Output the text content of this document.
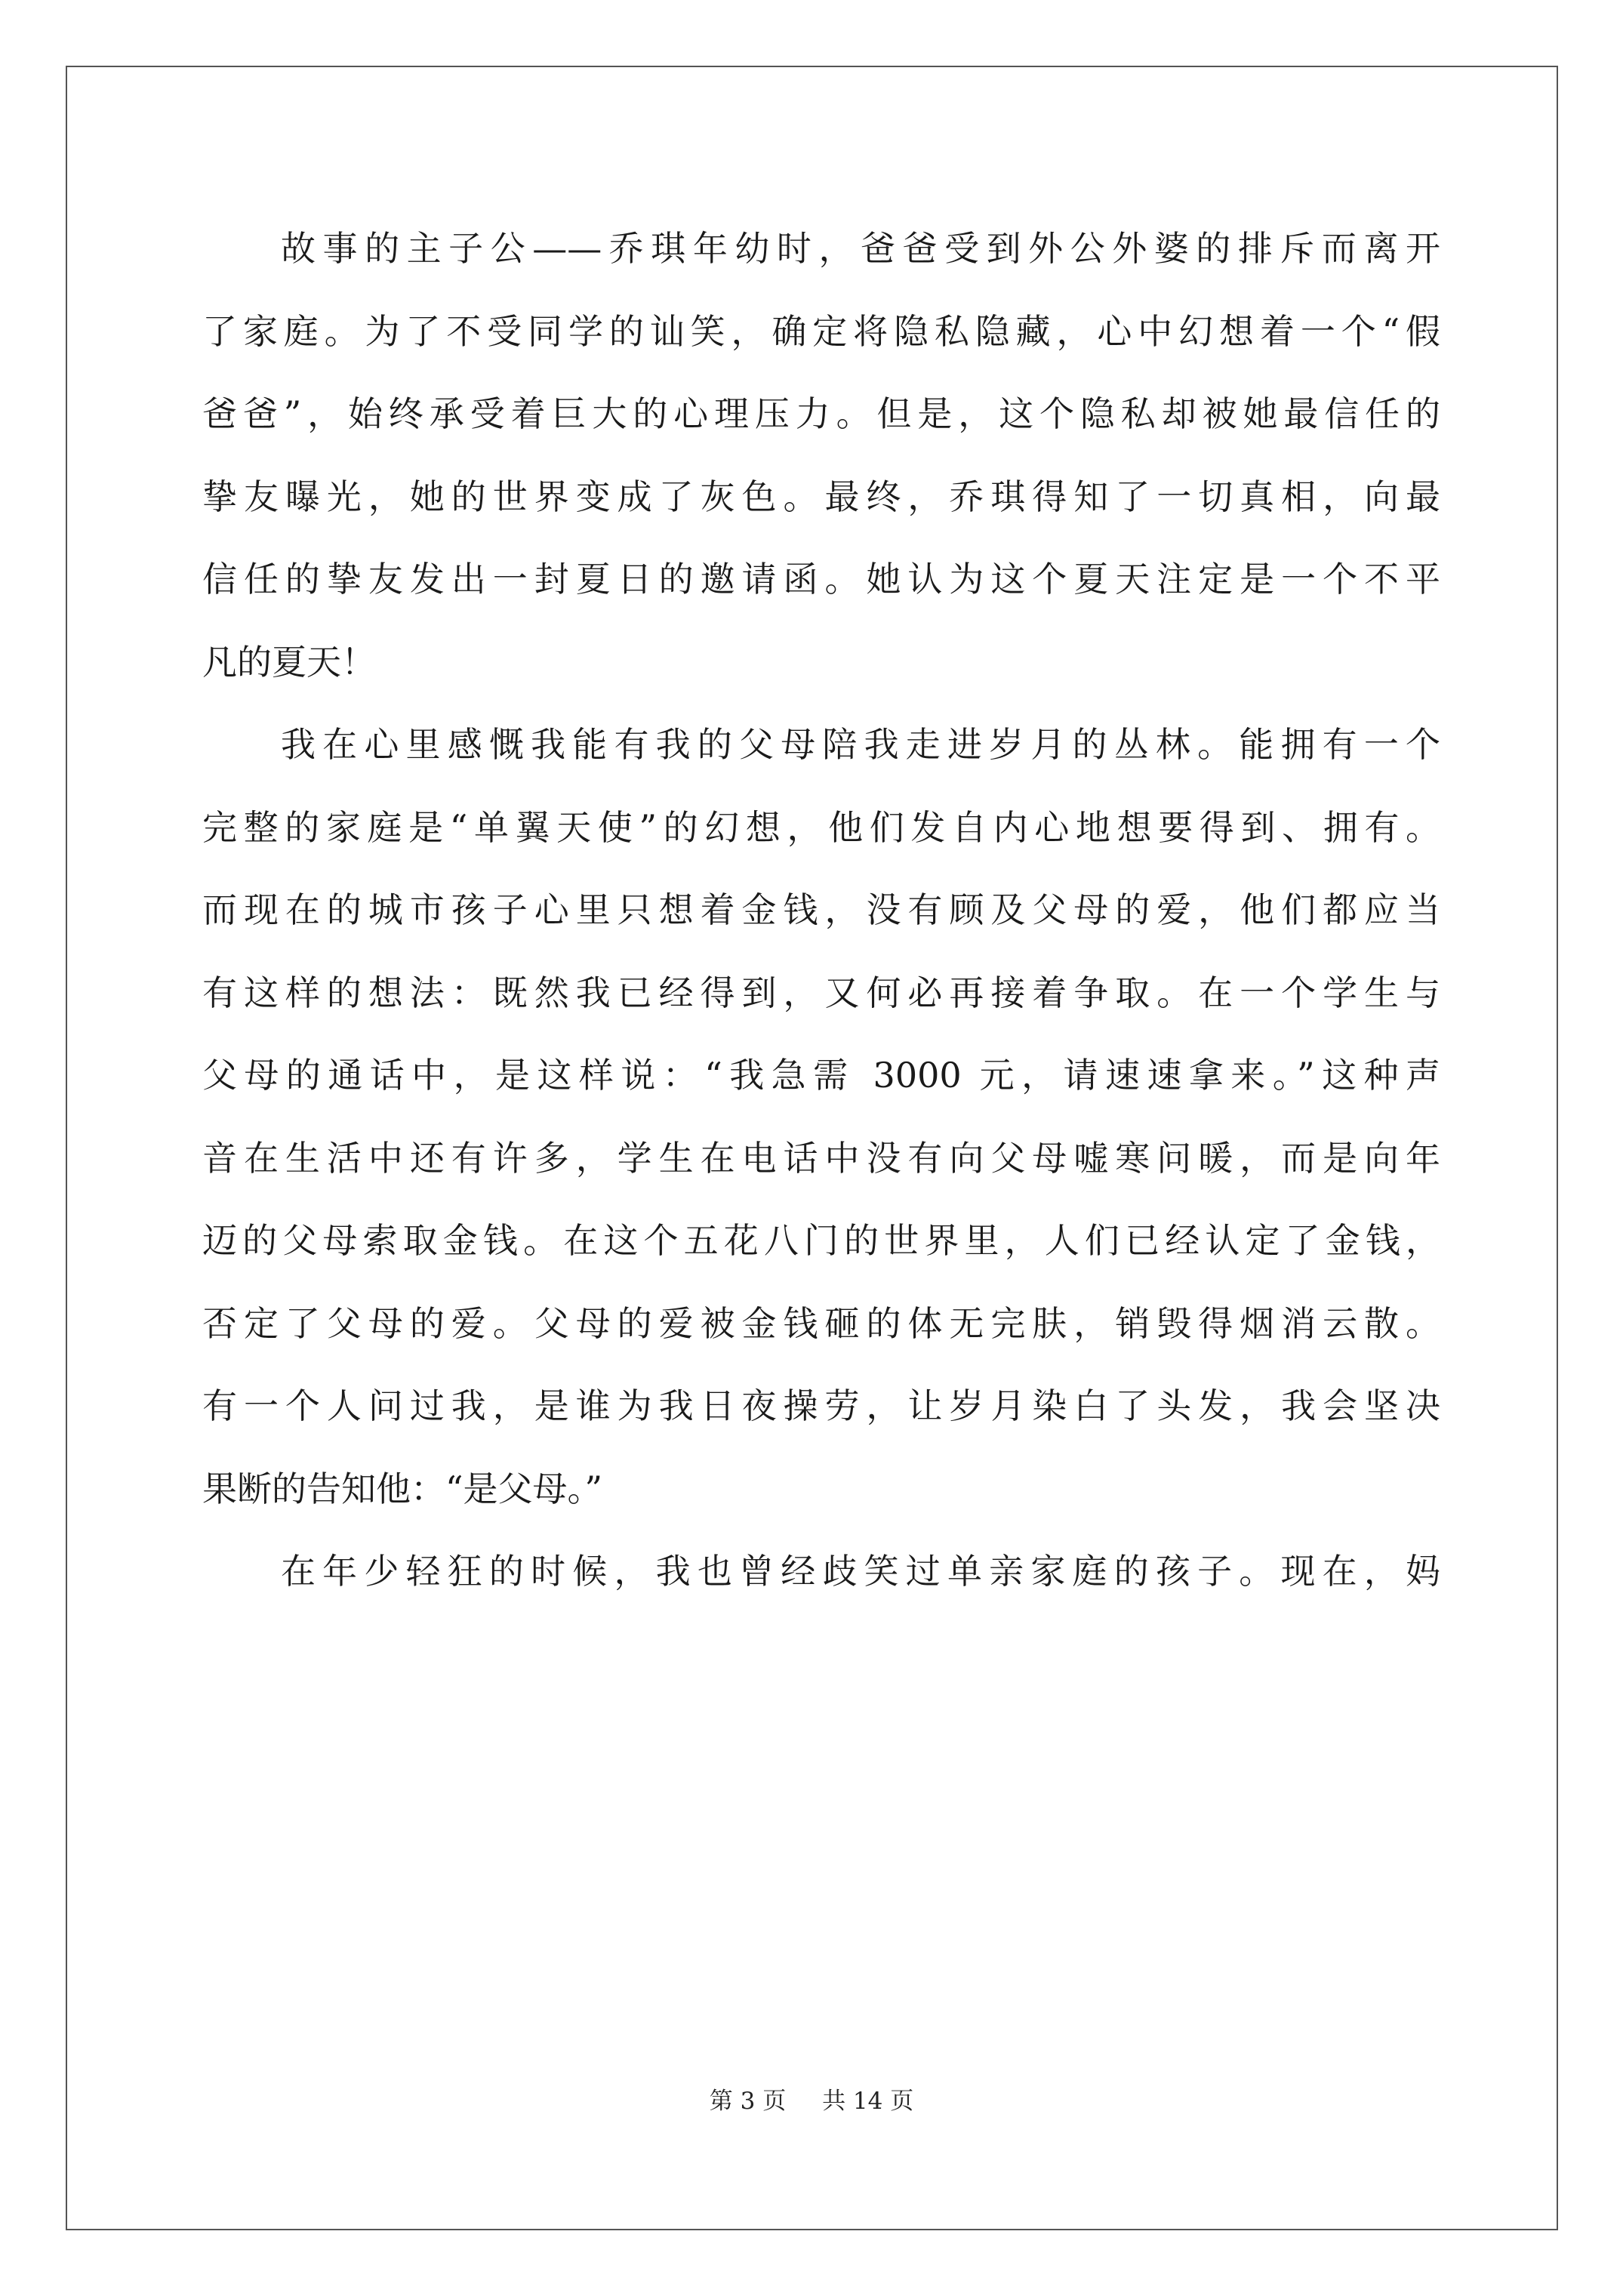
故事的主子公——乔琪年幼时，爸爸受到外公外婆的排斥而离开
了家庭。为了不受同学的讪笑，确定将隐私隐藏，心中幻想着一个“假
爸爸”，始终承受着巨大的心理压力。但是，这个隐私却被她最信任的
挚友曝光，她的世界变成了灰色。最终，乔琪得知了一切真相，向最
信任的挚友发出一封夏日的邀请函。她认为这个夏天注定是一个不平
凡的夏天！
我在心里感慨我能有我的父母陪我走进岁月的丛林。能拥有一个
完整的家庭是“单翼天使”的幻想，他们发自内心地想要得到、拥有。
而现在的城市孩子心里只想着金钱，没有顾及父母的爱，他们都应当
有这样的想法：既然我已经得到，又何必再接着争取。在一个学生与
父母的通话中，是这样说：“我急需 3000 元，请速速拿来。”这种声
音在生活中还有许多，学生在电话中没有向父母嘘寒问暖，而是向年
迈的父母索取金钱。在这个五花八门的世界里，人们已经认定了金钱，
否定了父母的爱。父母的爱被金钱砸的体无完肤，销毁得烟消云散。
有一个人问过我，是谁为我日夜操劳，让岁月染白了头发，我会坚决
果断的告知他：“是父母。”
在年少轻狂的时候，我也曾经歧笑过单亲家庭的孩子。现在，妈
第 3 页 共 14 页
